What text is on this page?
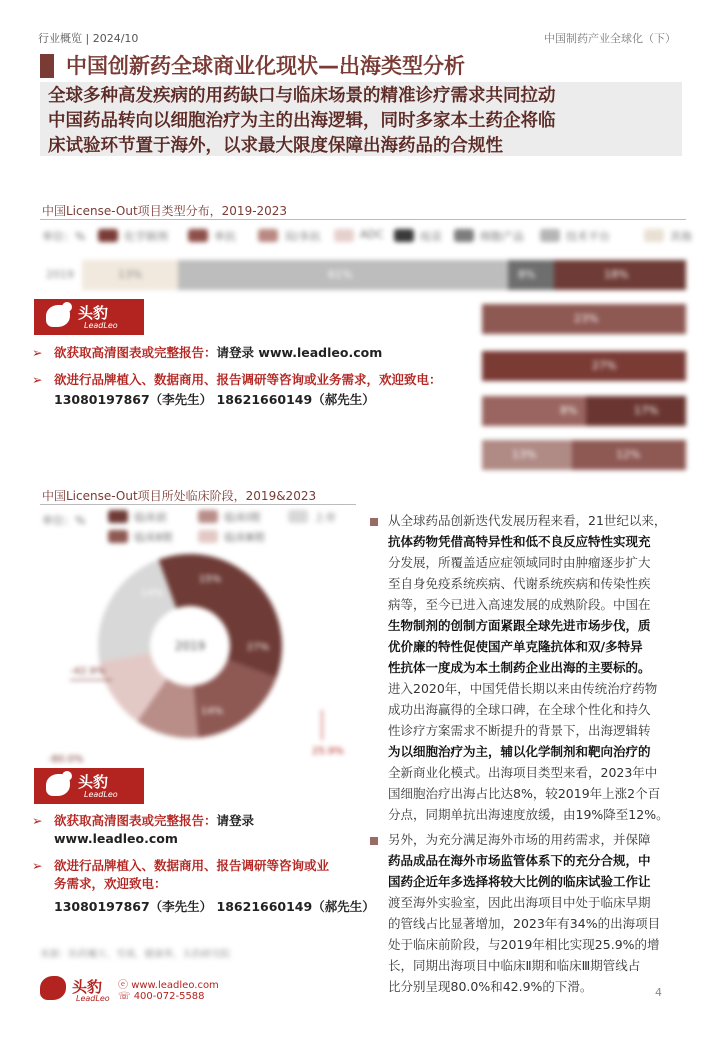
行业概览 | 2024/10	中国制药产业全球化（下）
中国创新药全球商业化现状—出海类型分析
全球多种高发疾病的用药缺口与临床场景的精准诊疗需求共同拉动
中国药品转向以细胞治疗为主的出海逻辑，同时多家本土药企将临
床试验环节置于海外，以求最大限度保障出海药品的合规性
中国License-Out项目类型分布，2019-2023
单位：%	化学制剂	单抗	双/多抗	ADC	疫苗	细胞产品	技术平台	其他
2019	13%	61%	8%	18%
23%
27%
8%	17%
13%	12%
头豹
LeadLeo
➢ 欲获取高清图表或完整报告：请登录 www.leadleo.com
➢ 欲进行品牌植入、数据商用、报告调研等咨询或业务需求，欢迎致电：
13080197867（李先生） 18621660149（郝先生）
中国License-Out项目所处临床阶段，2019&2023
单位：%	临床前	临床Ⅰ期	上市
临床Ⅱ期	临床Ⅲ期
2019
15%
27%
14%
14%
-42.9%
25.9%
-80.0%
头豹
LeadLeo
➢ 欲获取高清图表或完整报告：请登录
www.leadleo.com
➢ 欲进行品牌植入、数据商用、报告调研等咨询或业
务需求，欢迎致电：
13080197867（李先生） 18621660149（郝先生）
从全球药品创新迭代发展历程来看，21世纪以来，
抗体药物凭借高特异性和低不良反应特性实现充
分发展，所覆盖适应症领域同时由肿瘤逐步扩大
至自身免疫系统疾病、代谢系统疾病和传染性疾
病等，至今已进入高速发展的成熟阶段。中国在
生物制剂的创制方面紧跟全球先进市场步伐，质
优价廉的特性促使国产单克隆抗体和双/多特异
性抗体一度成为本土制药企业出海的主要标的。
进入2020年，中国凭借长期以来由传统治疗药物
成功出海赢得的全球口碑，在全球个性化和持久
性诊疗方案需求不断提升的背景下，出海逻辑转
为以细胞治疗为主，辅以化学制剂和靶向治疗的
全新商业化模式。出海项目类型来看，2023年中
国细胞治疗出海占比达8%，较2019年上涨2个百
分点，同期单抗出海速度放缓，由19%降至12%。
另外，为充分满足海外市场的用药需求，并保障
药品成品在海外市场监管体系下的充分合规，中
国药企近年多选择将较大比例的临床试验工作让
渡至海外实验室，因此出海项目中处于临床早期
的管线占比显著增加，2023年有34%的出海项目
处于临床前阶段，与2019年相比实现25.9%的增
长，同期出海项目中临床Ⅱ期和临床Ⅲ期管线占
比分别呈现80.0%和42.9%的下滑。
来源：医药魔方，雪球，健康界，头豹研究院
头豹
LeadLeo
ⓔ www.leadleo.com
☏ 400-072-5588	4
